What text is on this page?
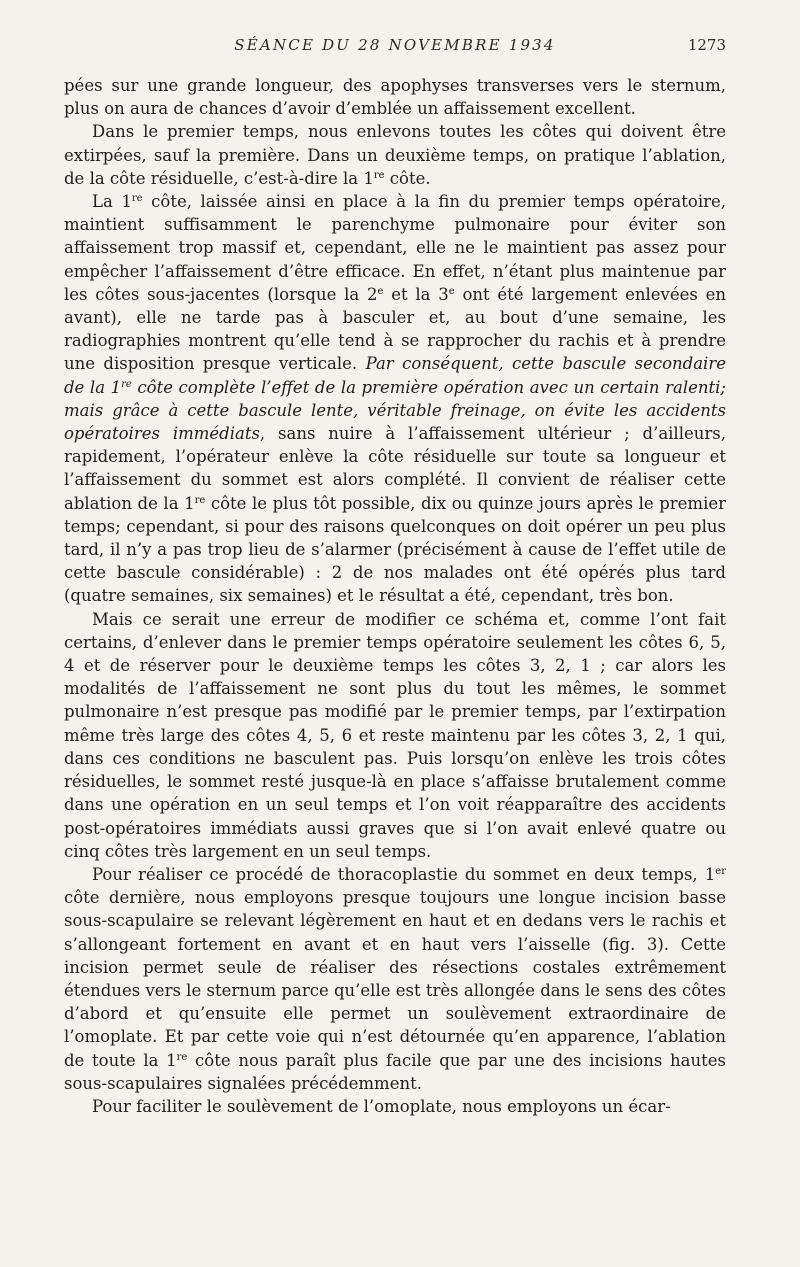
SÉANCE DU 28 NOVEMBRE 1934	1273

pées sur une grande longueur, des apophyses transverses vers le sternum, plus on aura de chances d’avoir d’emblée un affaissement excellent.

Dans le premier temps, nous enlevons toutes les côtes qui doivent être extirpées, sauf la première. Dans un deuxième temps, on pratique l’ablation, de la côte résiduelle, c’est-à-dire la 1re côte.

La 1re côte, laissée ainsi en place à la fin du premier temps opératoire, maintient suffisamment le parenchyme pulmonaire pour éviter son affaissement trop massif et, cependant, elle ne le maintient pas assez pour empêcher l’affaissement d’être efficace. En effet, n’étant plus maintenue par les côtes sous-jacentes (lorsque la 2e et la 3e ont été largement enlevées en avant), elle ne tarde pas à basculer et, au bout d’une semaine, les radiographies montrent qu’elle tend à se rapprocher du rachis et à prendre une disposition presque verticale. Par conséquent, cette bascule secondaire de la 1re côte complète l’effet de la première opération avec un certain ralenti; mais grâce à cette bascule lente, véritable freinage, on évite les accidents opératoires immédiats, sans nuire à l’affaissement ultérieur ; d’ailleurs, rapidement, l’opérateur enlève la côte résiduelle sur toute sa longueur et l’affaissement du sommet est alors complété. Il convient de réaliser cette ablation de la 1re côte le plus tôt possible, dix ou quinze jours après le premier temps; cependant, si pour des raisons quelconques on doit opérer un peu plus tard, il n’y a pas trop lieu de s’alarmer (précisément à cause de l’effet utile de cette bascule considérable) : 2 de nos malades ont été opérés plus tard (quatre semaines, six semaines) et le résultat a été, cependant, très bon.

Mais ce serait une erreur de modifier ce schéma et, comme l’ont fait certains, d’enlever dans le premier temps opératoire seulement les côtes 6, 5, 4 et de réserver pour le deuxième temps les côtes 3, 2, 1 ; car alors les modalités de l’affaissement ne sont plus du tout les mêmes, le sommet pulmonaire n’est presque pas modifié par le premier temps, par l’extirpation même très large des côtes 4, 5, 6 et reste maintenu par les côtes 3, 2, 1 qui, dans ces conditions ne basculent pas. Puis lorsqu’on enlève les trois côtes résiduelles, le sommet resté jusque-là en place s’affaisse brutalement comme dans une opération en un seul temps et l’on voit réapparaître des accidents post-opératoires immédiats aussi graves que si l’on avait enlevé quatre ou cinq côtes très largement en un seul temps.

Pour réaliser ce procédé de thoracoplastie du sommet en deux temps, 1er côte dernière, nous employons presque toujours une longue incision basse sous-scapulaire se relevant légèrement en haut et en dedans vers le rachis et s’allongeant fortement en avant et en haut vers l’aisselle (fig. 3). Cette incision permet seule de réaliser des résections costales extrêmement étendues vers le sternum parce qu’elle est très allongée dans le sens des côtes d’abord et qu’ensuite elle permet un soulèvement extraordinaire de l’omoplate. Et par cette voie qui n’est détournée qu’en apparence, l’ablation de toute la 1re côte nous paraît plus facile que par une des incisions hautes sous-scapulaires signalées précédemment.

Pour faciliter le soulèvement de l’omoplate, nous employons un écar-
